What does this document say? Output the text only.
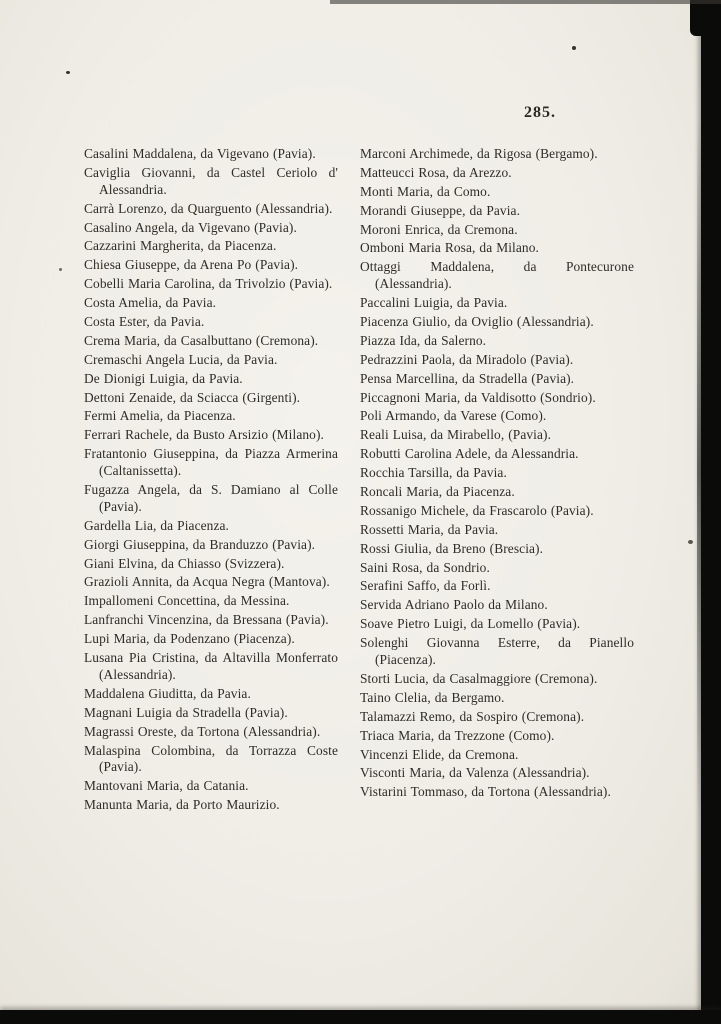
285.

Casalini Maddalena, da Vigevano (Pavia).

Caviglia Giovanni, da Castel Ceriolo d' Alessandria.

Carrà Lorenzo, da Quarguento (Alessandria).

Casalino Angela, da Vigevano (Pavia).

Cazzarini Margherita, da Piacenza.

Chiesa Giuseppe, da Arena Po (Pavia).

Cobelli Maria Carolina, da Trivolzio (Pavia).

Costa Amelia, da Pavia.

Costa Ester, da Pavia.

Crema Maria, da Casalbuttano (Cremona).

Cremaschi Angela Lucia, da Pavia.

De Dionigi Luigia, da Pavia.

Dettoni Zenaide, da Sciacca (Girgenti).

Fermi Amelia, da Piacenza.

Ferrari Rachele, da Busto Arsizio (Milano).

Fratantonio Giuseppina, da Piazza Armerina (Caltanissetta).

Fugazza Angela, da S. Damiano al Colle (Pavia).

Gardella Lia, da Piacenza.

Giorgi Giuseppina, da Branduzzo (Pavia).

Giani Elvina, da Chiasso (Svizzera).

Grazioli Annita, da Acqua Negra (Mantova).

Impallomeni Concettina, da Messina.

Lanfranchi Vincenzina, da Bressana (Pavia).

Lupi Maria, da Podenzano (Piacenza).

Lusana Pia Cristina, da Altavilla Monferrato (Alessandria).

Maddalena Giuditta, da Pavia.

Magnani Luigia da Stradella (Pavia).

Magrassi Oreste, da Tortona (Alessandria).

Malaspina Colombina, da Torrazza Coste (Pavia).

Mantovani Maria, da Catania.

Manunta Maria, da Porto Maurizio.

Marconi Archimede, da Rigosa (Bergamo).

Matteucci Rosa, da Arezzo.

Monti Maria, da Como.

Morandi Giuseppe, da Pavia.

Moroni Enrica, da Cremona.

Omboni Maria Rosa, da Milano.

Ottaggi Maddalena, da Pontecurone (Alessandria).

Paccalini Luigia, da Pavia.

Piacenza Giulio, da Oviglio (Alessandria).

Piazza Ida, da Salerno.

Pedrazzini Paola, da Miradolo (Pavia).

Pensa Marcellina, da Stradella (Pavia).

Piccagnoni Maria, da Valdisotto (Sondrio).

Poli Armando, da Varese (Como).

Reali Luisa, da Mirabello, (Pavia).

Robutti Carolina Adele, da Alessandria.

Rocchia Tarsilla, da Pavia.

Roncali Maria, da Piacenza.

Rossanigo Michele, da Frascarolo (Pavia).

Rossetti Maria, da Pavia.

Rossi Giulia, da Breno (Brescia).

Saini Rosa, da Sondrio.

Serafini Saffo, da Forlì.

Servida Adriano Paolo da Milano.

Soave Pietro Luigi, da Lomello (Pavia).

Solenghi Giovanna Esterre, da Pianello (Piacenza).

Storti Lucia, da Casalmaggiore (Cremona).

Taino Clelia, da Bergamo.

Talamazzi Remo, da Sospiro (Cremona).

Triaca Maria, da Trezzone (Como).

Vincenzi Elide, da Cremona.

Visconti Maria, da Valenza (Alessandria).

Vistarini Tommaso, da Tortona (Alessandria).
